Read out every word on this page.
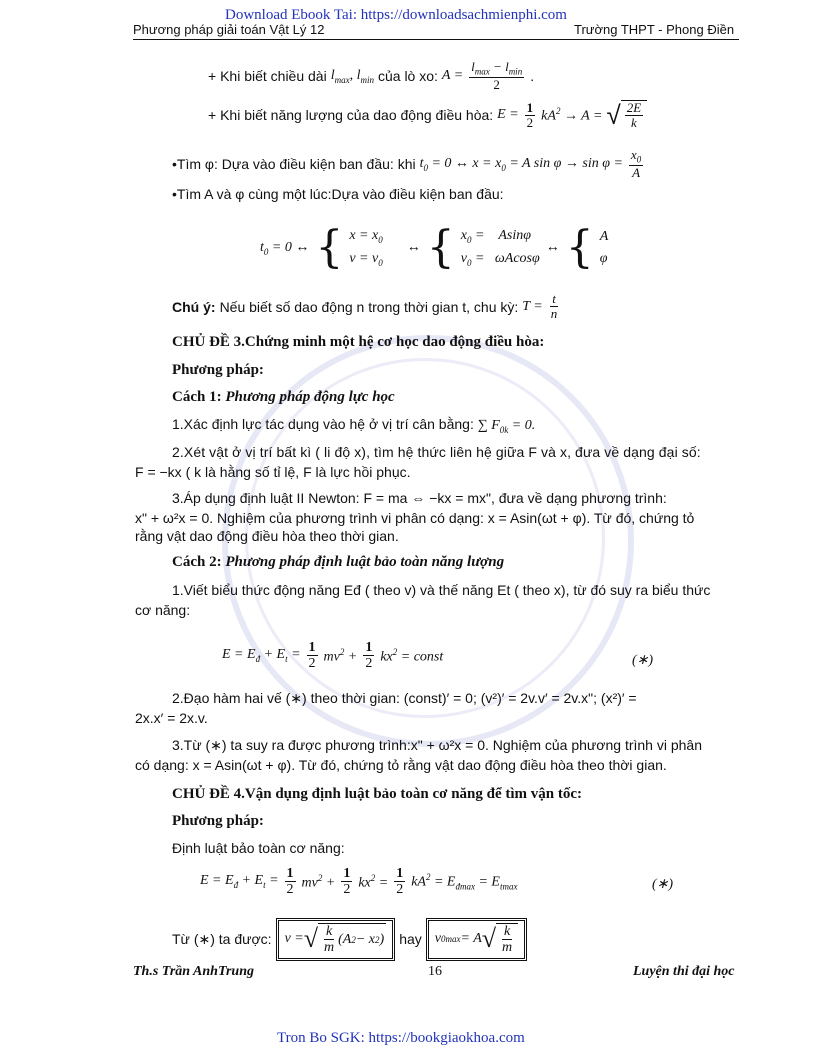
Download Ebook Tai: https://downloadsachmienphi.com
Phương pháp giải toán Vật Lý 12	Trường THPT - Phong Điền
+ Khi biết chiều dài $l_{max}$, $l_{min}$ của lò xo: $A = \frac{l_{max} - l_{min}}{2}$ .
+ Khi biết năng lượng của dao động điều hòa: $E = \frac{1}{2} kA^2 \to A$ = √ $\frac{2E}{k}$
•Tìm φ: Dựa vào điều kiện ban đầu: khi $t_0 = 0$ ↔ $x = x_0 = A$ $\sin \varphi \to \sin \varphi = \frac{x_0}{A}$
•Tìm A và φ cùng một lúc:Dựa vào điều kiện ban đầu:
$t_0 = 0$ ↔ { $x = x_0$
$v = v_0$
↔ { $x_0$ =    Asinφ
$v_0 = \omega Acos\varphi$
↔ { A
φ
Chú ý: Nếu biết số dao động n trong thời gian t, chu kỳ: $T = \frac{t}{n}$
CHỦ ĐỀ 3.Chứng minh một hệ cơ học dao động điều hòa:
Phương pháp:
Cách 1: Phương pháp động lực học
1.Xác định lực tác dụng vào hệ ở vị trí cân bằng: ∑ $F_{0k} = 0$.
2.Xét vật ở vị trí bất kì ( li độ x), tìm hệ thức liên hệ giữa F và x, đưa về dạng đại số:
F = −kx ( k là hằng số tỉ lệ, F là lực hồi phục.
3.Áp dụng định luật II Newton: F = ma ⇔ −kx = mx", đưa về dạng phương trình:
x" + ω²x = 0. Nghiệm của phương trình vi phân có dạng: x = Asin(ωt + φ). Từ đó, chứng tỏ
rằng vật dao động điều hòa theo thời gian.
Cách 2: Phương pháp định luật bảo toàn năng lượng
1.Viết biểu thức động năng Eđ ( theo v) và thế năng Et ( theo x), từ đó suy ra biểu thức
cơ năng:
$E = E_đ + E_t = \frac{1}{2} mv^2 + \frac{1}{2} kx^2$ = const	(∗)
2.Đạo hàm hai vế (∗) theo thời gian: (const)′ = 0; (v²)′ = 2v.v′ = 2v.x"; (x²)′ =
2x.x′ = 2x.v.
3.Từ (∗) ta suy ra được phương trình:x" + ω²x = 0. Nghiệm của phương trình vi phân
có dạng: x = Asin(ωt + φ). Từ đó, chứng tỏ rằng vật dao động điều hòa theo thời gian.
CHỦ ĐỀ 4.Vận dụng định luật bảo toàn cơ năng để tìm vận tốc:
Phương pháp:
Định luật bảo toàn cơ năng:
$E = E_đ + E_t = \frac{1}{2} mv^2 + \frac{1}{2} kx^2 = \frac{1}{2} kA^2 = E_{đmax} = E_{tmax}$	(∗)
Từ (∗) ta được: v = √ $\frac{k}{m} (A$ 2 − x 2 ) hay v 0max = A √ $\frac{k}{m}$
Th.s Trần AnhTrung	16	Luyện thi đại học
Tron Bo SGK: https://bookgiaokhoa.com
